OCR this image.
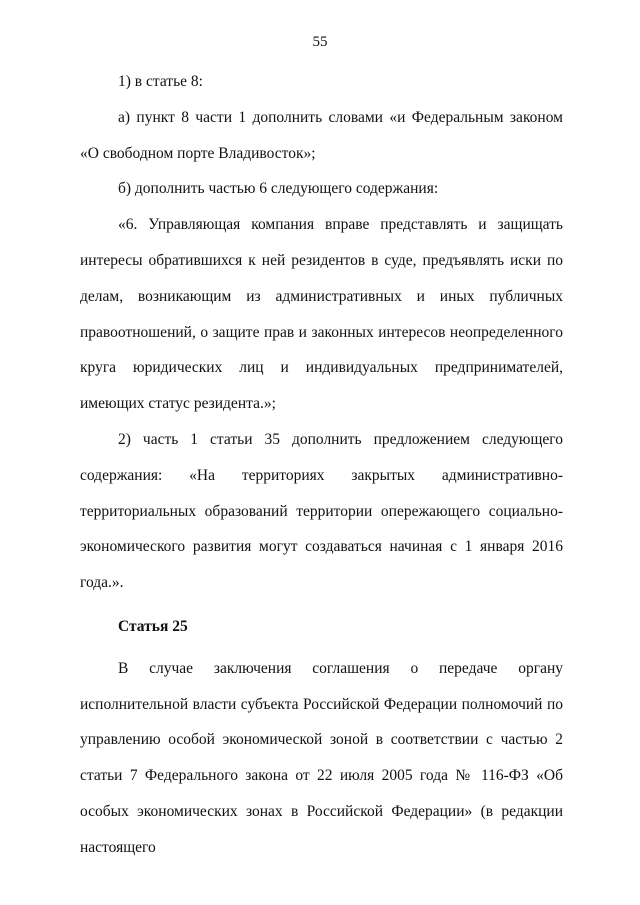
55

1) в статье 8:

а) пункт 8 части 1 дополнить словами «и Федеральным законом «О свободном порте Владивосток»;

б) дополнить частью 6 следующего содержания:

«6. Управляющая компания вправе представлять и защищать интересы обратившихся к ней резидентов в суде, предъявлять иски по делам, возникающим из административных и иных публичных правоотношений, о защите прав и законных интересов неопределенного круга юридических лиц и индивидуальных предпринимателей, имеющих статус резидента.»;

2) часть 1 статьи 35 дополнить предложением следующего содержания: «На территориях закрытых административно-территориальных образований территории опережающего социально-экономического развития могут создаваться начиная с 1 января 2016 года.».

Статья 25

В случае заключения соглашения о передаче органу исполнительной власти субъекта Российской Федерации полномочий по управлению особой экономической зоной в соответствии с частью 2 статьи 7 Федерального закона от 22 июля 2005 года № 116-ФЗ «Об особых экономических зонах в Российской Федерации» (в редакции настоящего
